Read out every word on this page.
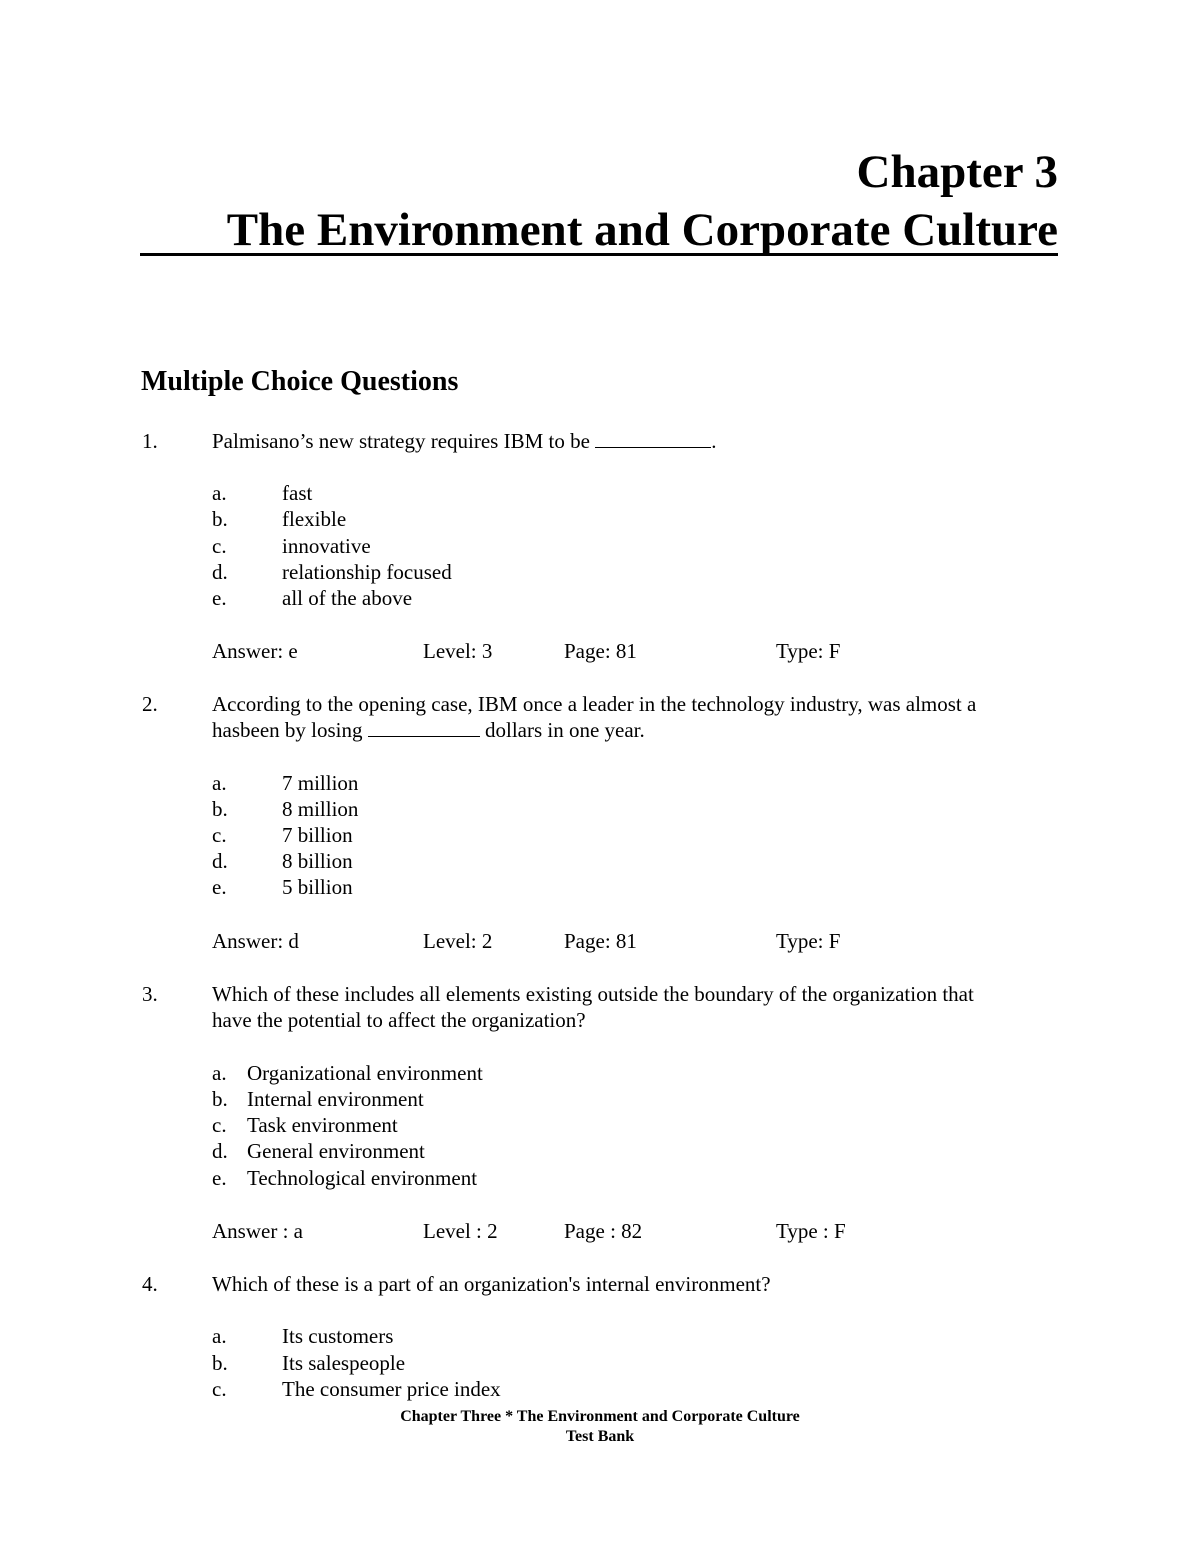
Chapter 3
The Environment and Corporate Culture
Multiple Choice Questions
1.	Palmisano’s new strategy requires IBM to be	.
a.	fast
b.	flexible
c.	innovative
d.	relationship focused
e.	all of the above
Answer: e	Level: 3	Page: 81	Type: F
2.	According to the opening case, IBM once a leader in the technology industry, was almost a
hasbeen by losing	dollars in one year.
a.	7 million
b.	8 million
c.	7 billion
d.	8 billion
e.	5 billion
Answer: d	Level: 2	Page: 81	Type: F
3.	Which of these includes all elements existing outside the boundary of the organization that
have the potential to affect the organization?
a. Organizational environment
b. Internal environment
c. Task environment
d. General environment
e. Technological environment
Answer : a	Level : 2	Page : 82	Type : F
4.	Which of these is a part of an organization's internal environment?
a.	Its customers
b.	Its salespeople
c.	The consumer price index
Chapter Three * The Environment and Corporate Culture
Test Bank
